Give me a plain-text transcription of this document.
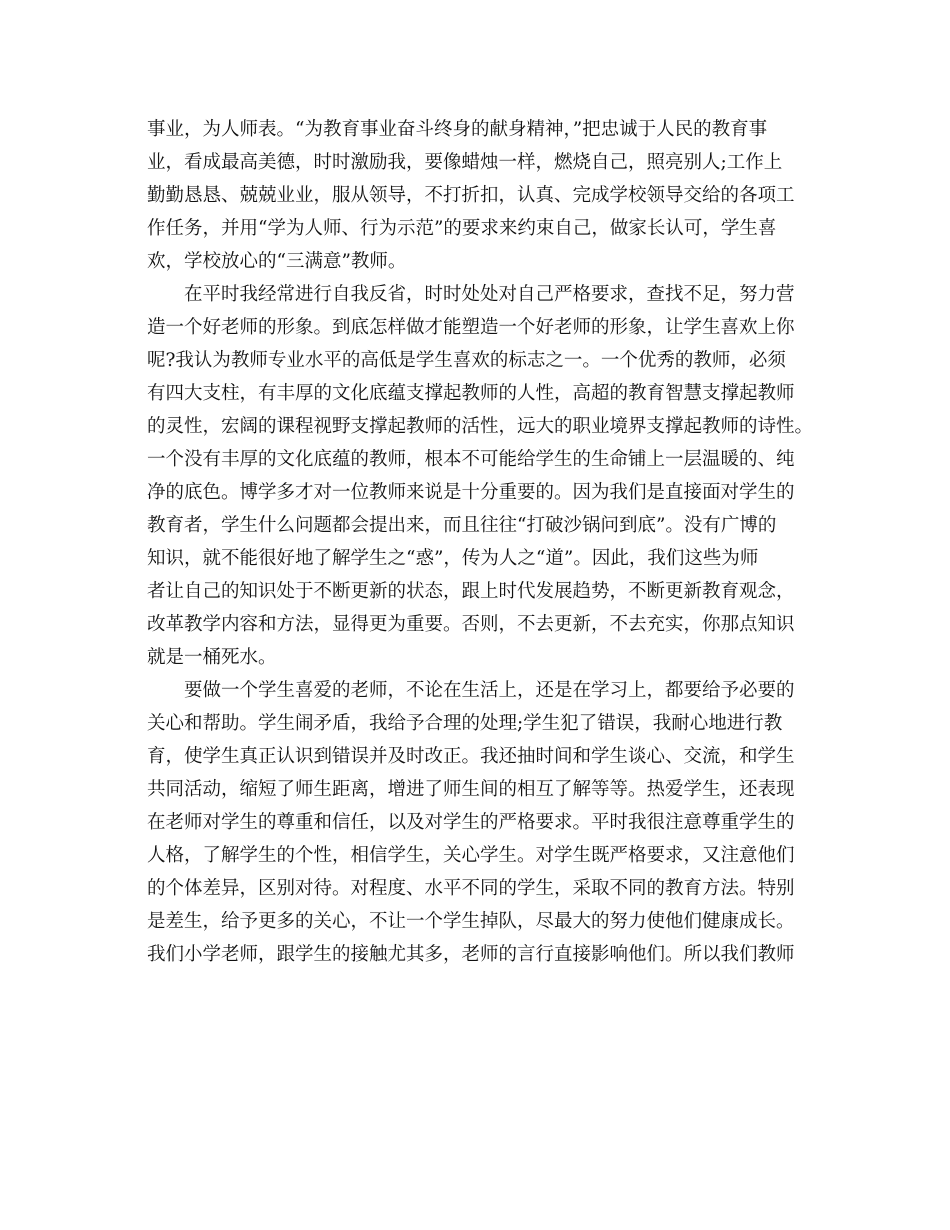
事业，为人师表。“为教育事业奋斗终身的献身精神，”把忠诚于人民的教育事
业，看成最高美德，时时激励我，要像蜡烛一样，燃烧自己，照亮别人;工作上
勤勤恳恳、兢兢业业，服从领导，不打折扣，认真、完成学校领导交给的各项工
作任务，并用“学为人师、行为示范”的要求来约束自己，做家长认可，学生喜
欢，学校放心的“三满意”教师。
在平时我经常进行自我反省，时时处处对自己严格要求，查找不足，努力营
造一个好老师的形象。到底怎样做才能塑造一个好老师的形象，让学生喜欢上你
呢?我认为教师专业水平的高低是学生喜欢的标志之一。一个优秀的教师，必须
有四大支柱，有丰厚的文化底蕴支撑起教师的人性，高超的教育智慧支撑起教师
的灵性，宏阔的课程视野支撑起教师的活性，远大的职业境界支撑起教师的诗性。
一个没有丰厚的文化底蕴的教师，根本不可能给学生的生命铺上一层温暖的、纯
净的底色。博学多才对一位教师来说是十分重要的。因为我们是直接面对学生的
教育者，学生什么问题都会提出来，而且往往“打破沙锅问到底”。没有广博的
知识，就不能很好地了解学生之“惑”，传为人之“道”。因此，我们这些为师
者让自己的知识处于不断更新的状态，跟上时代发展趋势，不断更新教育观念，
改革教学内容和方法，显得更为重要。否则，不去更新，不去充实，你那点知识
就是一桶死水。
要做一个学生喜爱的老师，不论在生活上，还是在学习上，都要给予必要的
关心和帮助。学生闹矛盾，我给予合理的处理;学生犯了错误，我耐心地进行教
育，使学生真正认识到错误并及时改正。我还抽时间和学生谈心、交流，和学生
共同活动，缩短了师生距离，增进了师生间的相互了解等等。热爱学生，还表现
在老师对学生的尊重和信任，以及对学生的严格要求。平时我很注意尊重学生的
人格，了解学生的个性，相信学生，关心学生。对学生既严格要求，又注意他们
的个体差异，区别对待。对程度、水平不同的学生，采取不同的教育方法。特别
是差生，给予更多的关心，不让一个学生掉队，尽最大的努力使他们健康成长。
我们小学老师，跟学生的接触尤其多，老师的言行直接影响他们。所以我们教师
